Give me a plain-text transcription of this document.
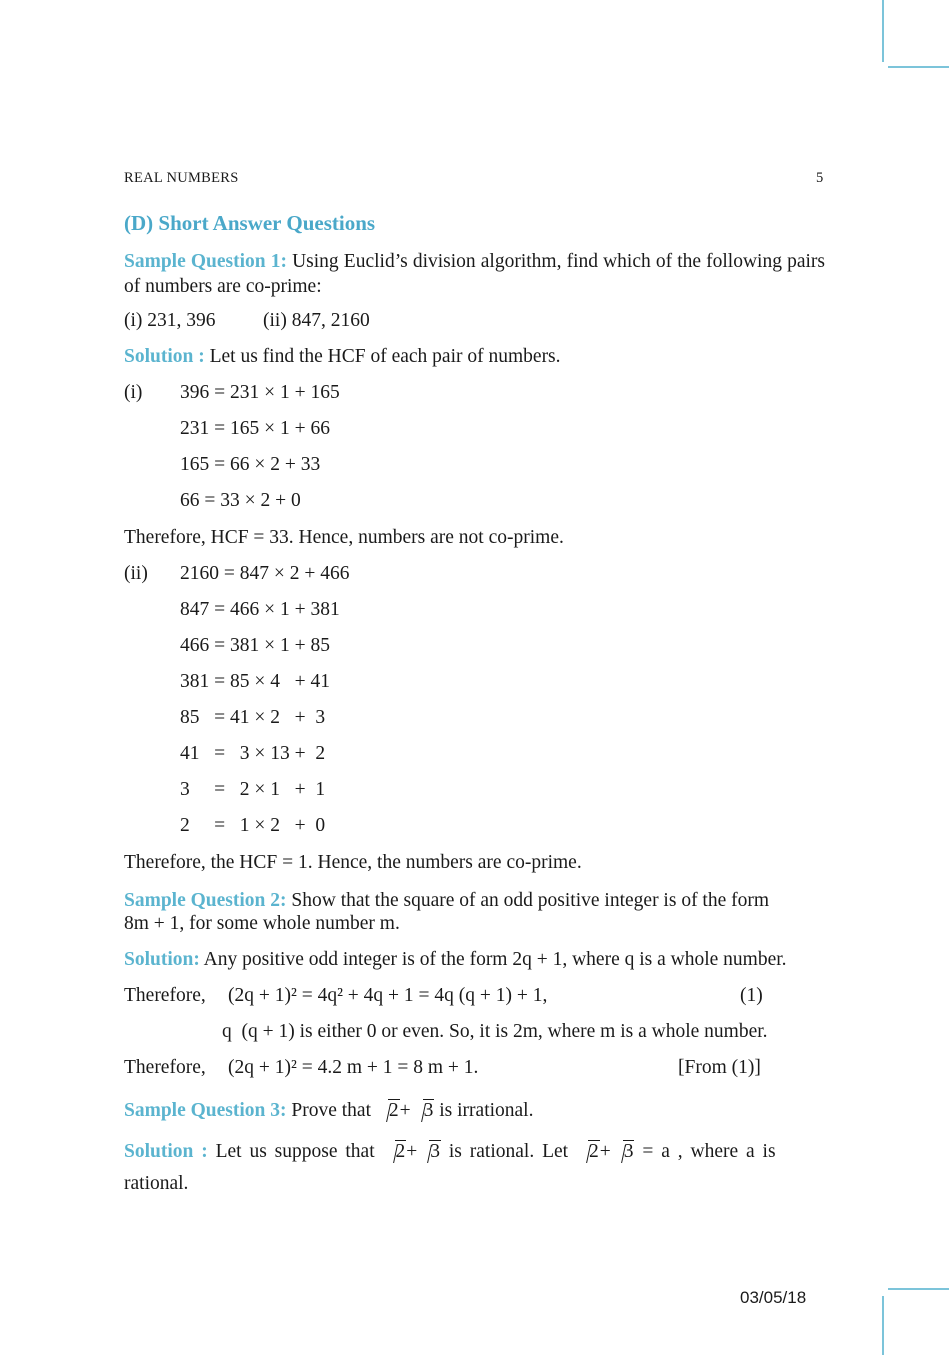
REAL NUMBERS	5
(D) Short Answer Questions
Sample Question 1: Using Euclid’s division algorithm, find which of the following pairs of numbers are co-prime:
(i) 231, 396 (ii) 847, 2160
Solution : Let us find the HCF of each pair of numbers.
(i) 396 = 231 × 1 + 165
231 = 165 × 1 + 66
165 = 66 × 2 + 33
66 = 33 × 2 + 0
Therefore, HCF = 33. Hence, numbers are not co-prime.
(ii) 2160 = 847 × 2 + 466
847 = 466 × 1 + 381
466 = 381 × 1 + 85
381 = 85 × 4   + 41
85   = 41 × 2   +  3
41   =   3 × 13 +  2
3     =   2 × 1   +  1
2     =   1 × 2   +  0
Therefore, the HCF = 1. Hence, the numbers are co-prime.
Sample Question 2: Show that the square of an odd positive integer is of the form
8m + 1, for some whole number m.
Solution: Any positive odd integer is of the form 2q + 1, where q is a whole number.
Therefore, (2q + 1)² = 4q² + 4q + 1 = 4q (q + 1) + 1,	(1)
q  (q + 1) is either 0 or even. So, it is 2m, where m is a whole number.
Therefore, (2q + 1)² = 4.2 m + 1 = 8 m + 1.	[From (1)]
Sample Question 3: Prove that 2+ 3 is irrational.
Solution : Let us suppose that 2+ 3 is rational. Let 2+ 3 = a , where a is
rational.
03/05/18
